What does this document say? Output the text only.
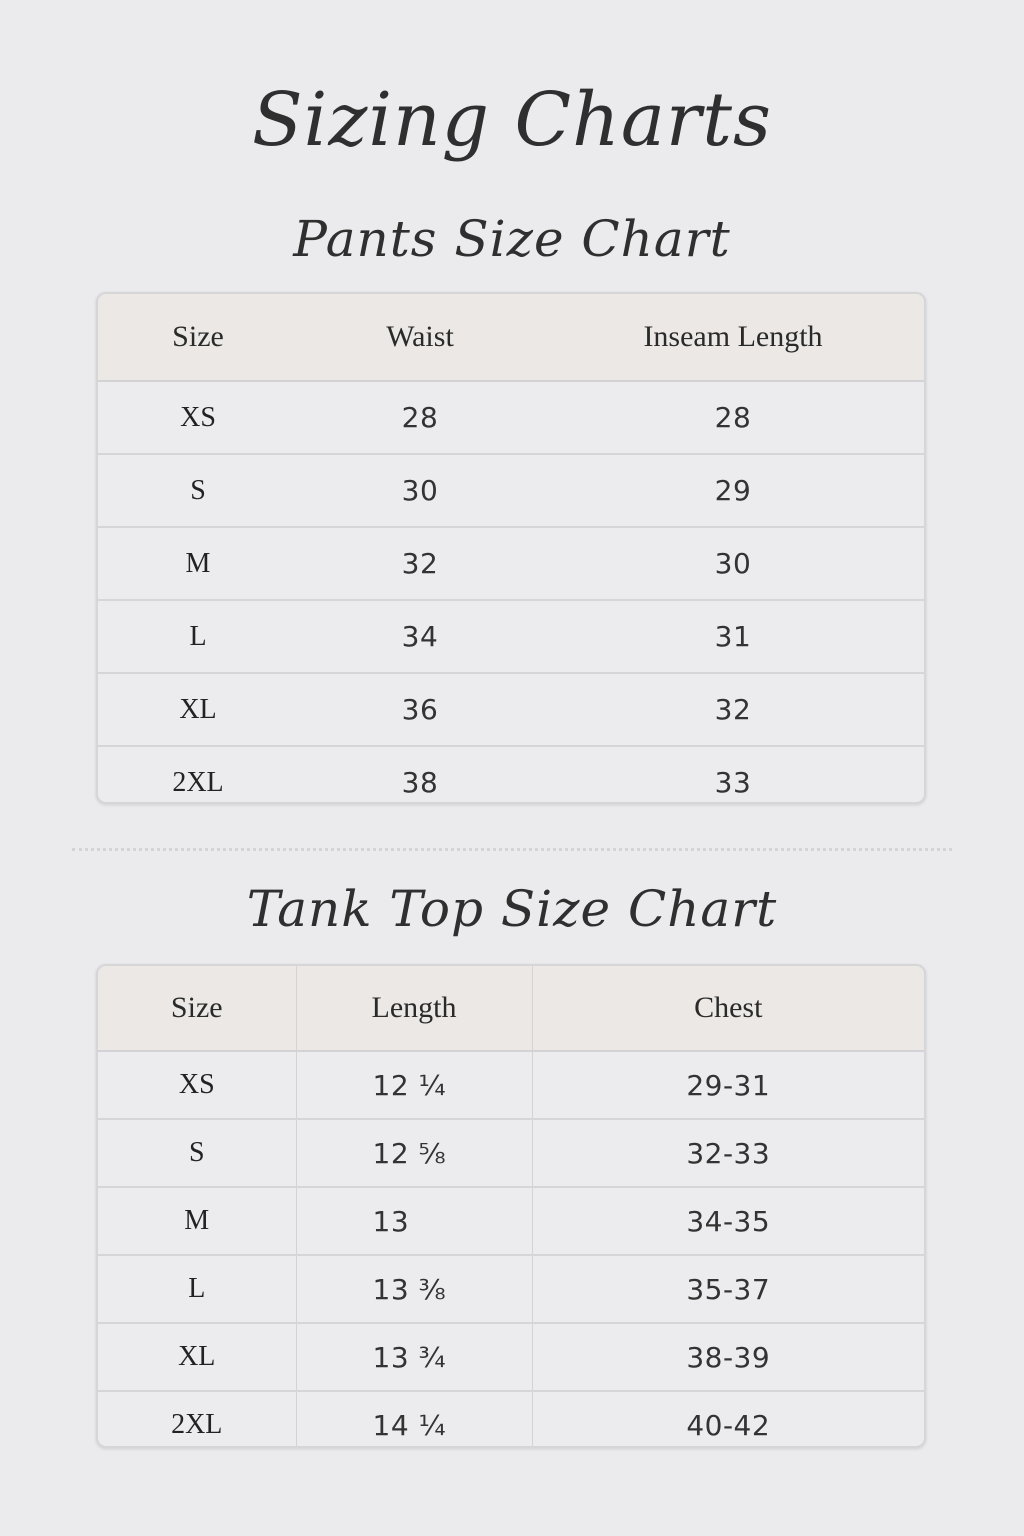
Sizing Charts
Pants Size Chart
Size	Waist	Inseam Length
XS	28	28
S	30	29
M	32	30
L	34	31
XL	36	32
2XL	38	33
Tank Top Size Chart
Size	Length	Chest
XS	12 ¼	29-31
S	12 ⅝	32-33
M	13	34-35
L	13 ⅜	35-37
XL	13 ¾	38-39
2XL	14 ¼	40-42
